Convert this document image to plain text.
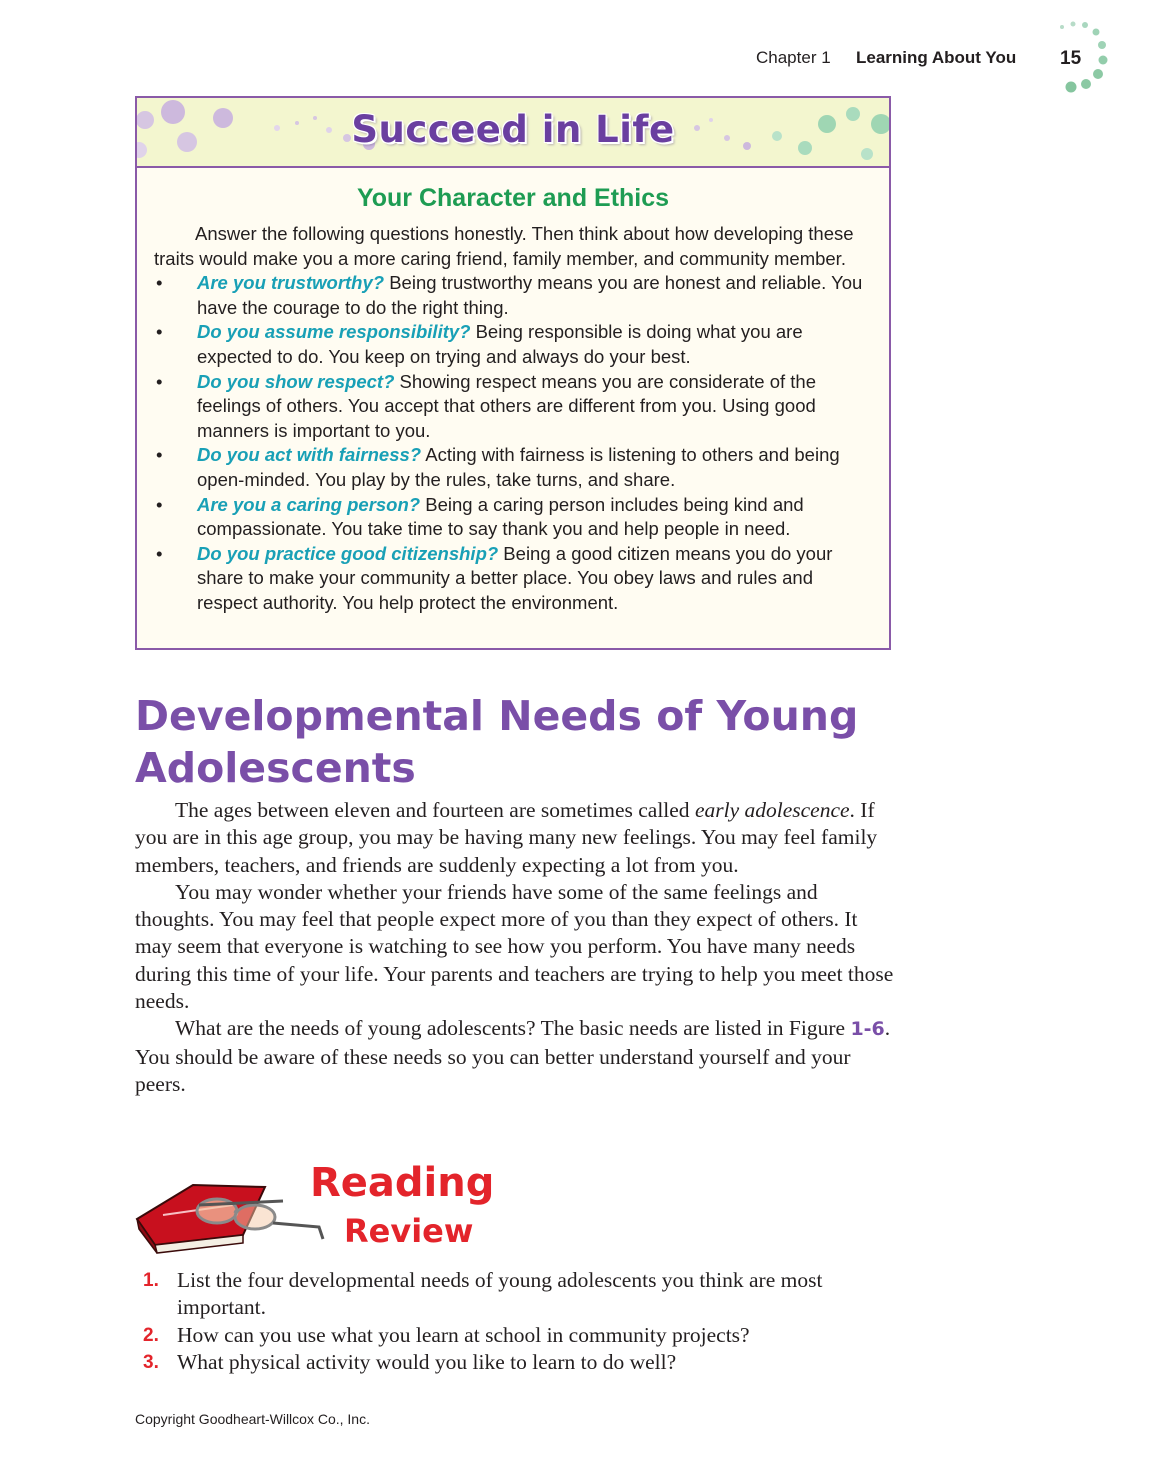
Chapter 1 Learning About You 15
Succeed in Life
Your Character and Ethics

Answer the following questions honestly. Then think about how developing these traits would make you a more caring friend, family member, and community member.

• Are you trustworthy? Being trustworthy means you are honest and reliable. You have the courage to do the right thing.
• Do you assume responsibility? Being responsible is doing what you are expected to do. You keep on trying and always do your best.
• Do you show respect? Showing respect means you are considerate of the feelings of others. You accept that others are different from you. Using good manners is important to you.
• Do you act with fairness? Acting with fairness is listening to others and being open-minded. You play by the rules, take turns, and share.
• Are you a caring person? Being a caring person includes being kind and compassionate. You take time to say thank you and help people in need.
• Do you practice good citizenship? Being a good citizen means you do your share to make your community a better place. You obey laws and rules and respect authority. You help protect the environment.
Developmental Needs of Young Adolescents

The ages between eleven and fourteen are sometimes called early adolescence. If you are in this age group, you may be having many new feelings. You may feel family members, teachers, and friends are suddenly expecting a lot from you.

You may wonder whether your friends have some of the same feelings and thoughts. You may feel that people expect more of you than they expect of others. It may seem that everyone is watching to see how you perform. You have many needs during this time of your life. Your parents and teachers are trying to help you meet those needs.

What are the needs of young adolescents? The basic needs are listed in Figure 1-6. You should be aware of these needs so you can better understand yourself and your peers.

Reading
Review
1. List the four developmental needs of young adolescents you think are most important.
2. How can you use what you learn at school in community projects?
3. What physical activity would you like to learn to do well?
Copyright Goodheart-Willcox Co., Inc.
